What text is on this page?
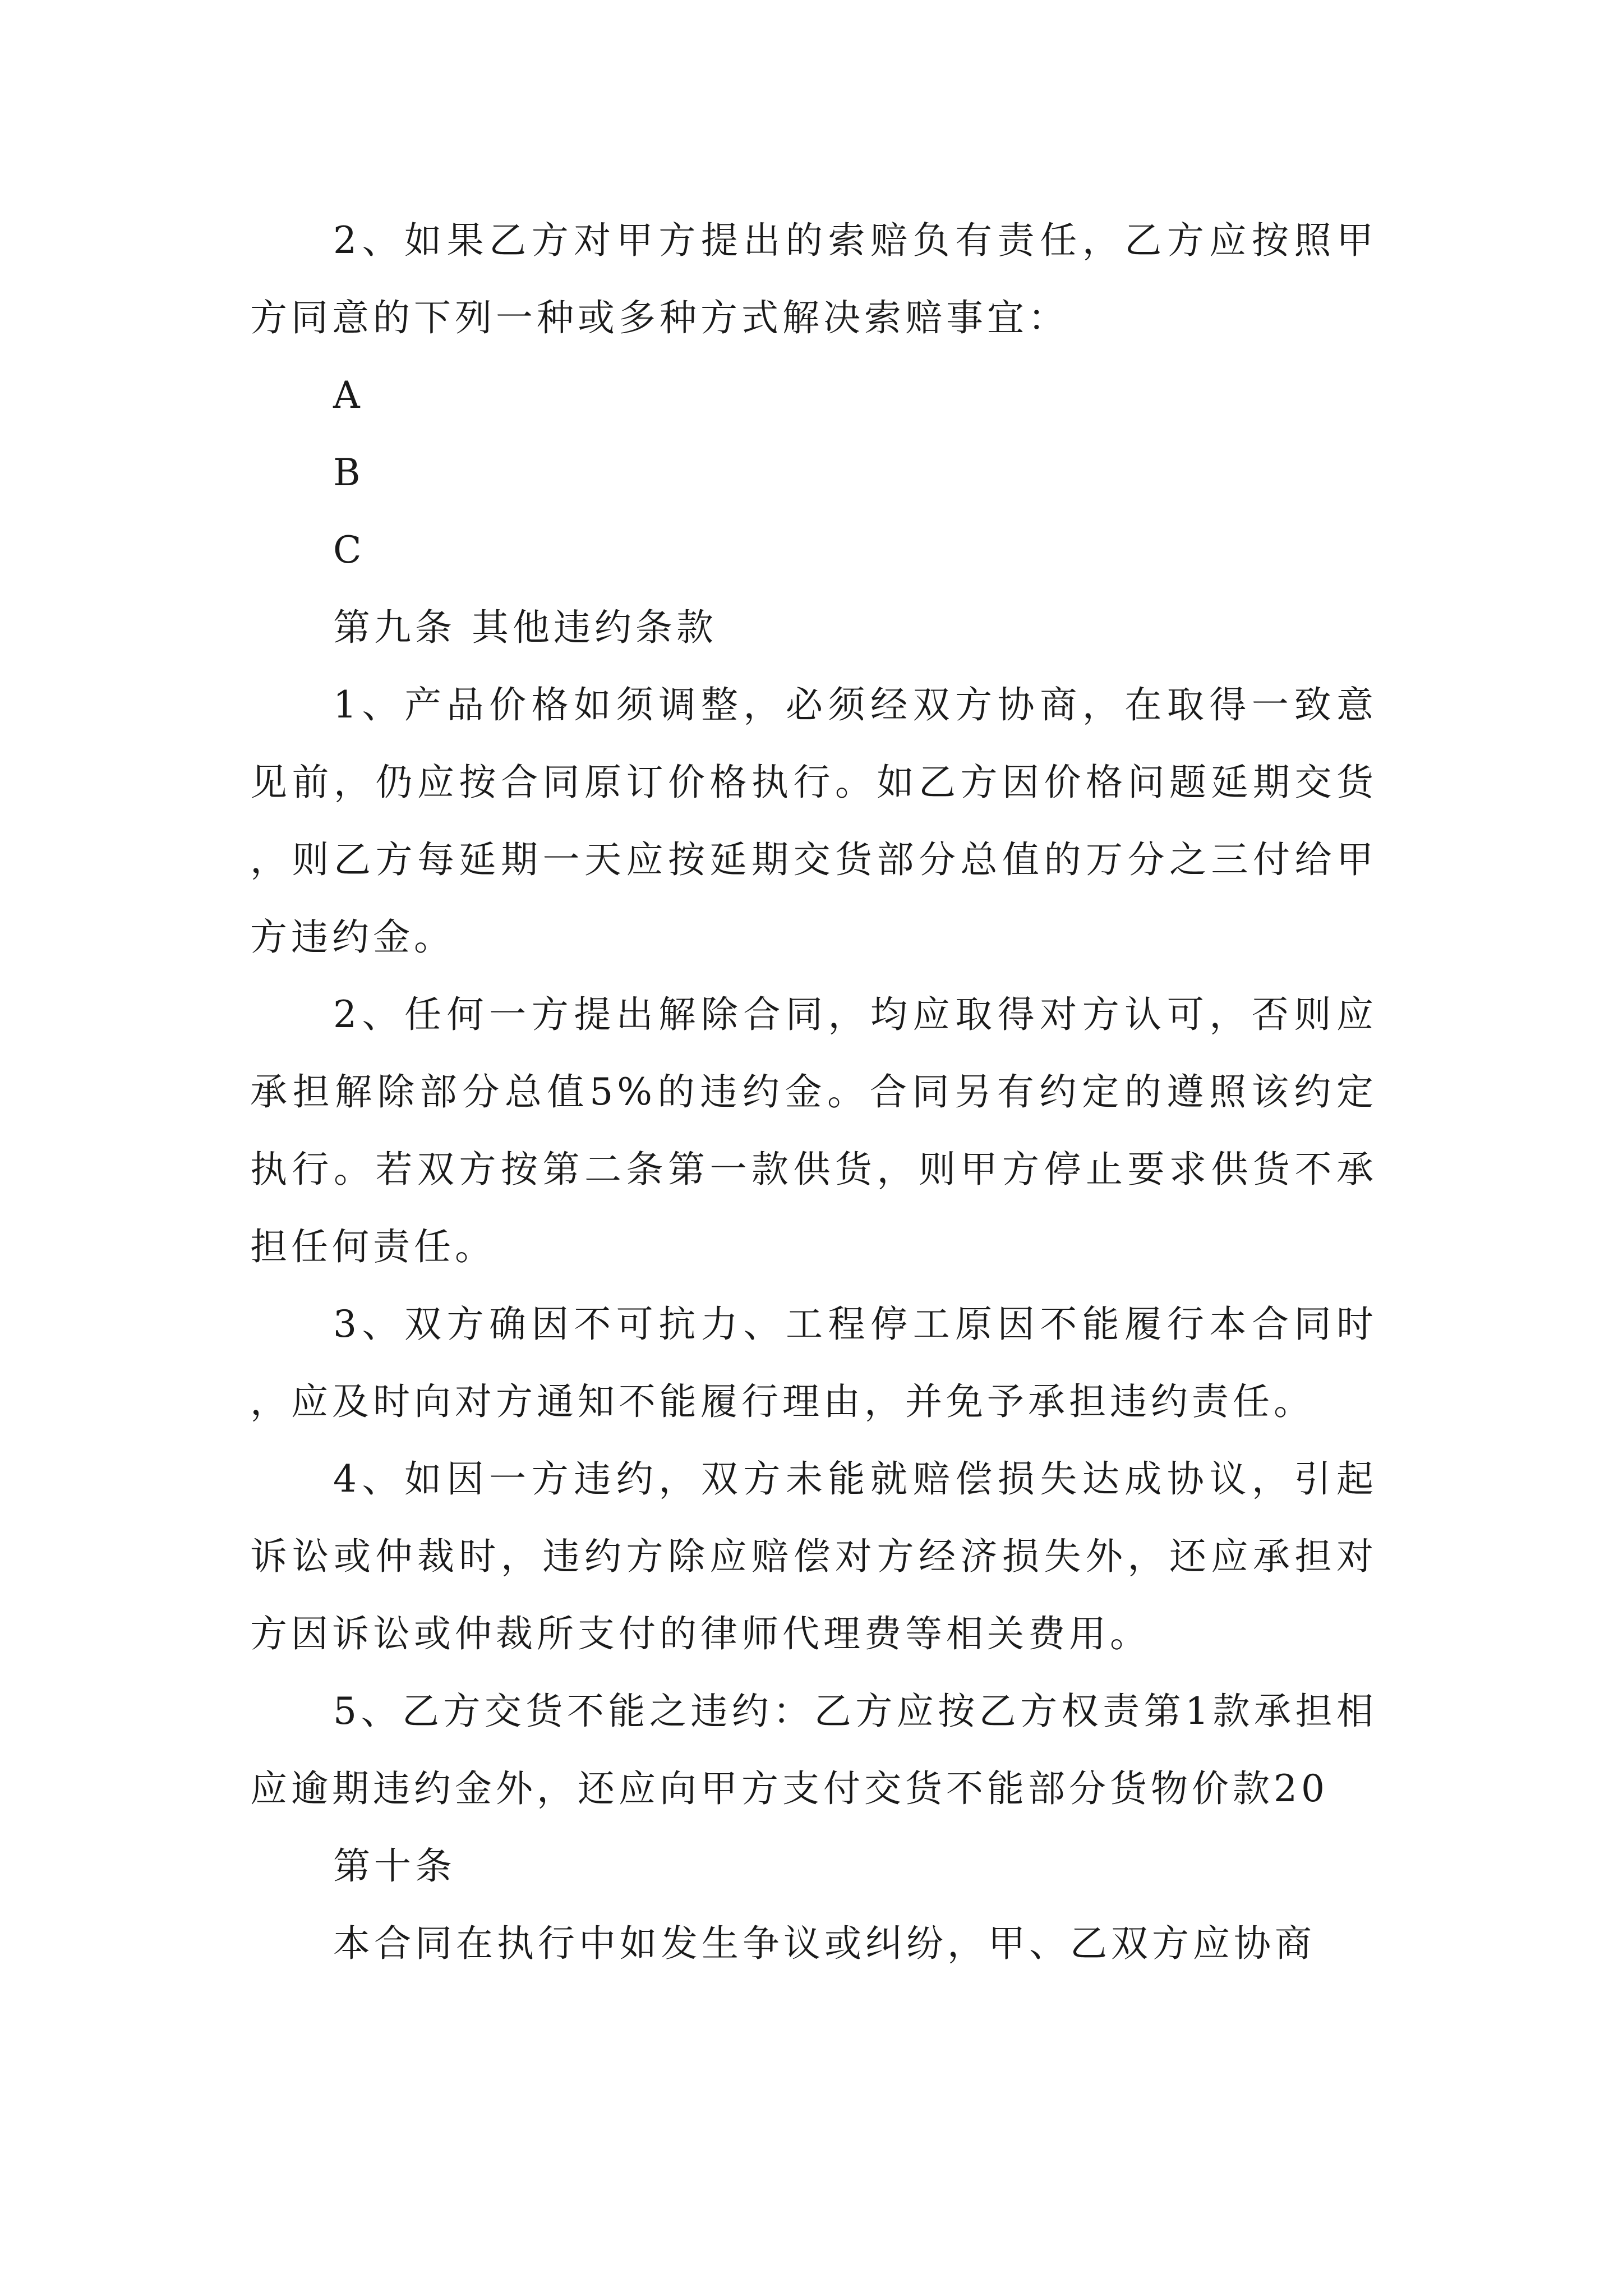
2、如果乙方对甲方提出的索赔负有责任，乙方应按照甲方同意的下列一种或多种方式解决索赔事宜：

A

B

C

第九条 其他违约条款

1、产品价格如须调整，必须经双方协商，在取得一致意见前，仍应按合同原订价格执行。如乙方因价格问题延期交货，则乙方每延期一天应按延期交货部分总值的万分之三付给甲方违约金。

2、任何一方提出解除合同，均应取得对方认可，否则应承担解除部分总值5%的违约金。合同另有约定的遵照该约定执行。若双方按第二条第一款供货，则甲方停止要求供货不承担任何责任。

3、双方确因不可抗力、工程停工原因不能履行本合同时，应及时向对方通知不能履行理由，并免予承担违约责任。

4、如因一方违约，双方未能就赔偿损失达成协议，引起诉讼或仲裁时，违约方除应赔偿对方经济损失外，还应承担对方因诉讼或仲裁所支付的律师代理费等相关费用。

5、乙方交货不能之违约：乙方应按乙方权责第1款承担相应逾期违约金外，还应向甲方支付交货不能部分货物价款20

第十条

本合同在执行中如发生争议或纠纷，甲、乙双方应协商
